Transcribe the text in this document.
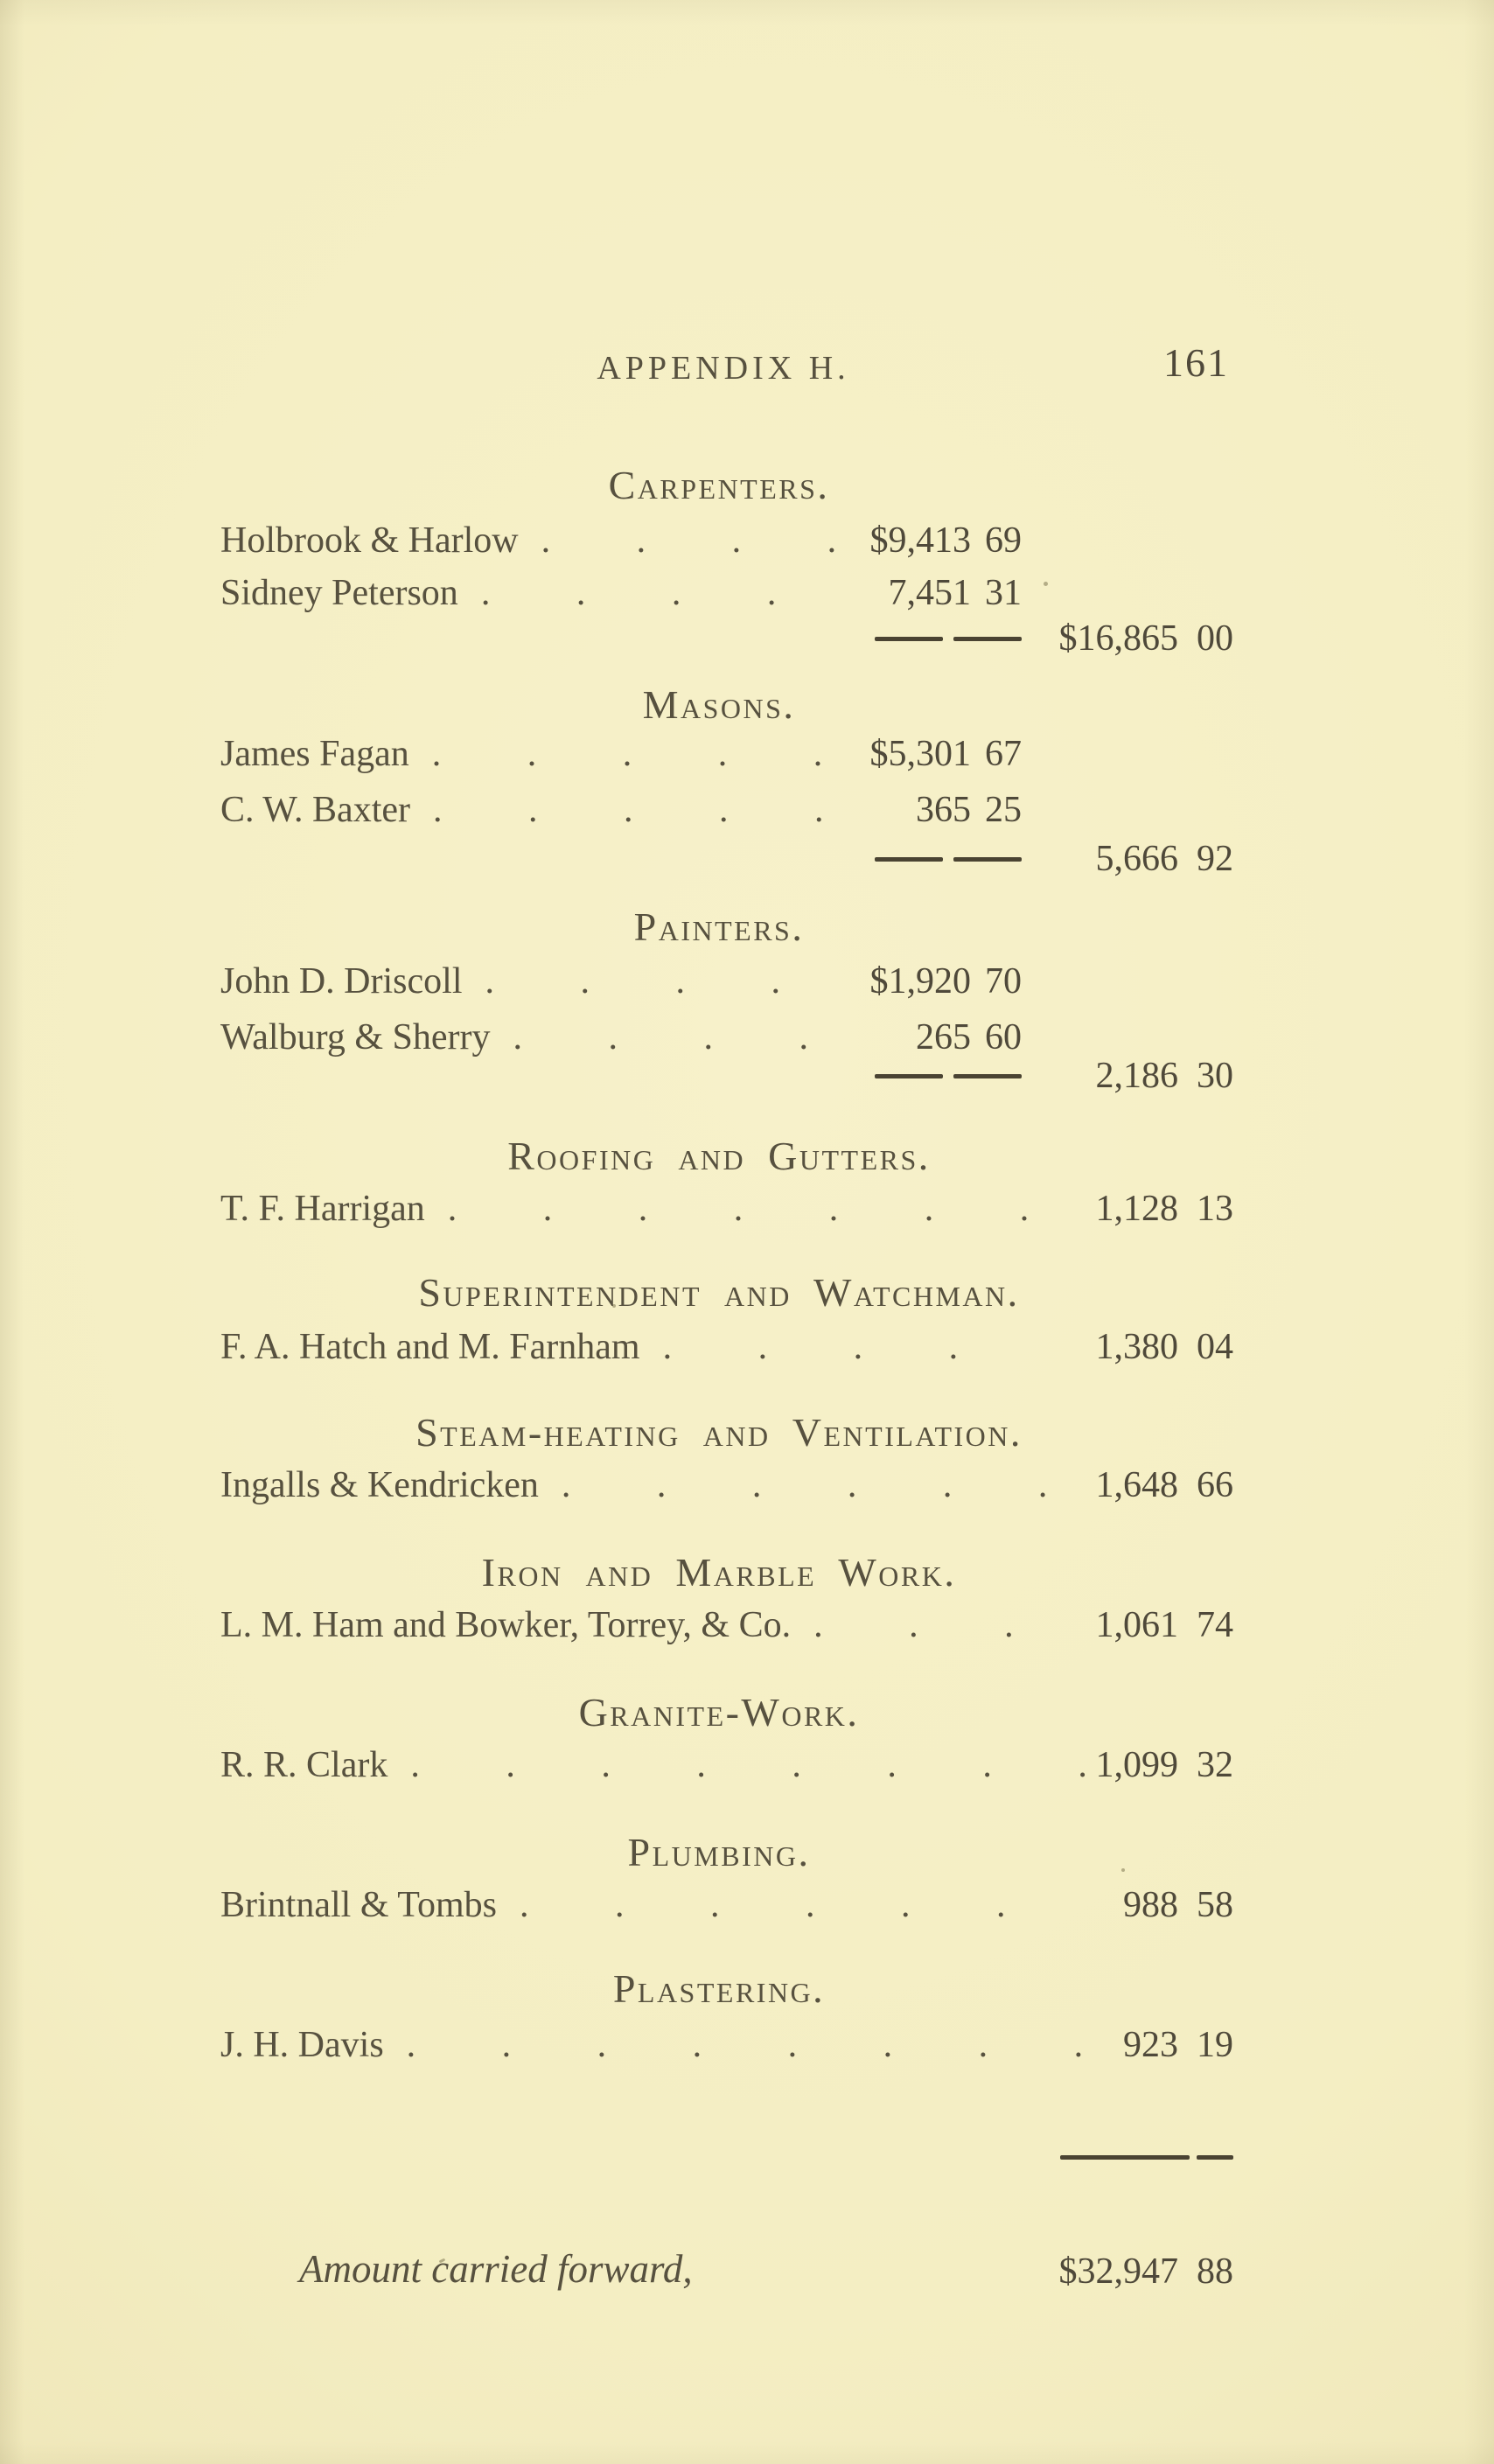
APPENDIX H.	161
Carpenters.
Holbrook & Harlow . . . . $9,413 69
Sidney Peterson . . . .	7,451 31
$16,865 00
Masons.
James Fagan . . . . .	$5,301 67
C. W. Baxter . . . . .	365 25
5,666 92
Painters.
John D. Driscoll . . . .	$1,920 70
Walburg & Sherry . . . .	265 60
2,186 30
Roofing and Gutters.
T. F. Harrigan . . . . . . .	1,128 13
Superintendent and Watchman.
F. A. Hatch and M. Farnham . . . .	1,380 04
Steam-heating and Ventilation.
Ingalls & Kendricken . . . . . .	1,648 66
Iron and Marble Work.
L. M. Ham and Bowker, Torrey, & Co. . . .	1,061 74
Granite-Work.
R. R. Clark . . . . . . . . 1,099 32
Plumbing.
Brintnall & Tombs . . . . . .	988 58
Plastering.
J. H. Davis . . . . . . . .	923 19
Amount carried forward,	$32,947 88
